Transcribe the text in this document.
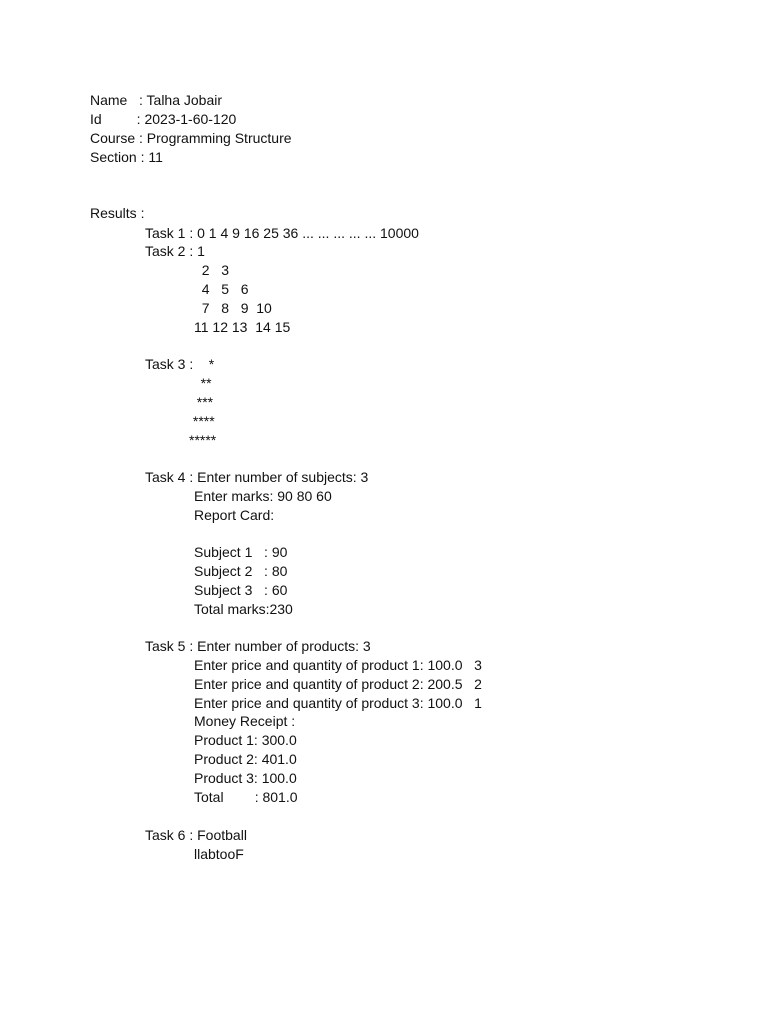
Name   : Talha Jobair
Id         : 2023-1-60-120
Course : Programming Structure
Section : 11
Results :
Task 1 : 0 1 4 9 16 25 36 ... ... ... ... ... 10000
Task 2 : 1
2   3
4   5   6
7   8   9  10
11 12 13  14 15
Task 3 :    *
**
***
****
*****
Task 4 : Enter number of subjects: 3
Enter marks: 90 80 60
Report Card:
Subject 1   : 90
Subject 2   : 80
Subject 3   : 60
Total marks:230
Task 5 : Enter number of products: 3
Enter price and quantity of product 1: 100.0   3
Enter price and quantity of product 2: 200.5   2
Enter price and quantity of product 3: 100.0   1
Money Receipt :
Product 1: 300.0
Product 2: 401.0
Product 3: 100.0
Total        : 801.0
Task 6 : Football
llabtooF
